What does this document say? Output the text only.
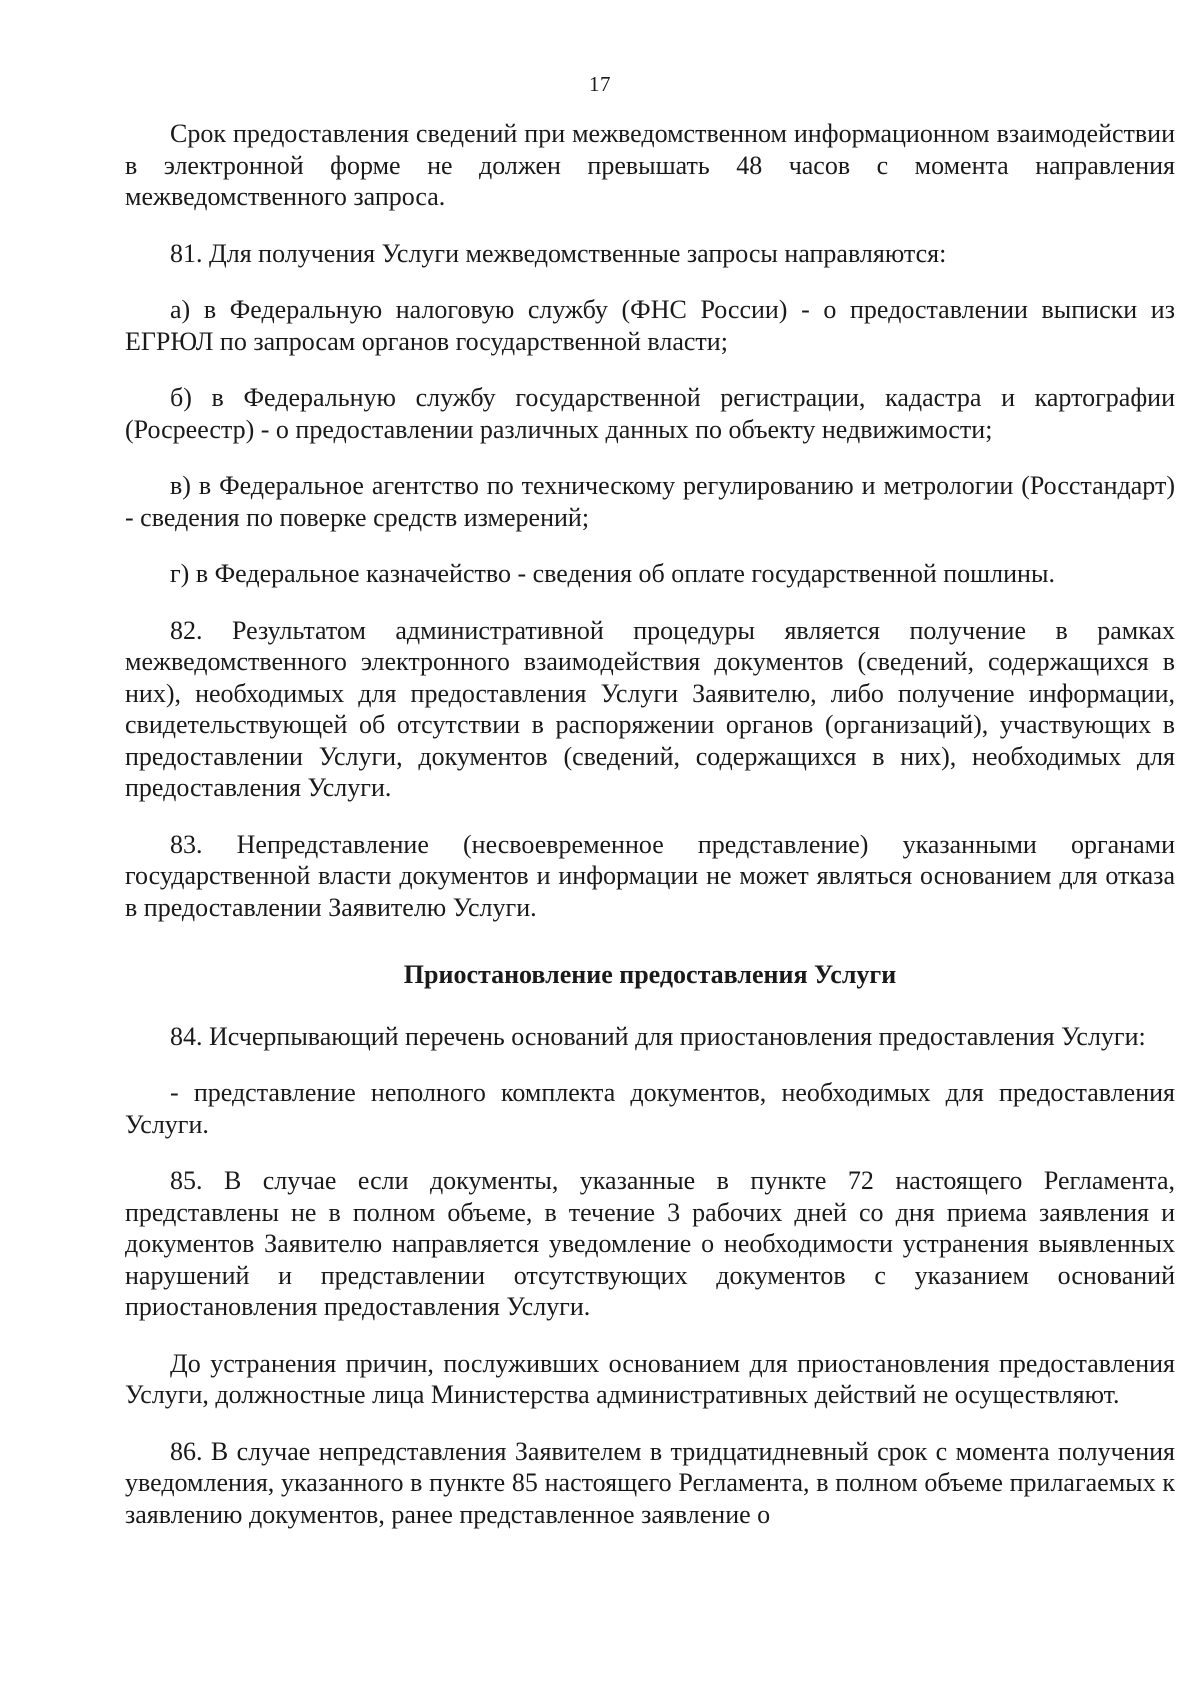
17

Срок предоставления сведений при межведомственном информационном взаимодействии в электронной форме не должен превышать 48 часов с момента направления межведомственного запроса.

81. Для получения Услуги межведомственные запросы направляются:

а) в Федеральную налоговую службу (ФНС России) - о предоставлении выписки из ЕГРЮЛ по запросам органов государственной власти;

б) в Федеральную службу государственной регистрации, кадастра и картографии (Росреестр) - о предоставлении различных данных по объекту недвижимости;

в) в Федеральное агентство по техническому регулированию и метрологии (Росстандарт) - сведения по поверке средств измерений;

г) в Федеральное казначейство - сведения об оплате государственной пошлины.

82. Результатом административной процедуры является получение в рамках межведомственного электронного взаимодействия документов (сведений, содержащихся в них), необходимых для предоставления Услуги Заявителю, либо получение информации, свидетельствующей об отсутствии в распоряжении органов (организаций), участвующих в предоставлении Услуги, документов (сведений, содержащихся в них), необходимых для предоставления Услуги.

83. Непредставление (несвоевременное представление) указанными органами государственной власти документов и информации не может являться основанием для отказа в предоставлении Заявителю Услуги.

Приостановление предоставления Услуги

84. Исчерпывающий перечень оснований для приостановления предоставления Услуги:

- представление неполного комплекта документов, необходимых для предоставления Услуги.

85. В случае если документы, указанные в пункте 72 настоящего Регламента, представлены не в полном объеме, в течение 3 рабочих дней со дня приема заявления и документов Заявителю направляется уведомление о необходимости устранения выявленных нарушений и представлении отсутствующих документов с указанием оснований приостановления предоставления Услуги.

До устранения причин, послуживших основанием для приостановления предоставления Услуги, должностные лица Министерства административных действий не осуществляют.

86. В случае непредставления Заявителем в тридцатидневный срок с момента получения уведомления, указанного в пункте 85 настоящего Регламента, в полном объеме прилагаемых к заявлению документов, ранее представленное заявление о
